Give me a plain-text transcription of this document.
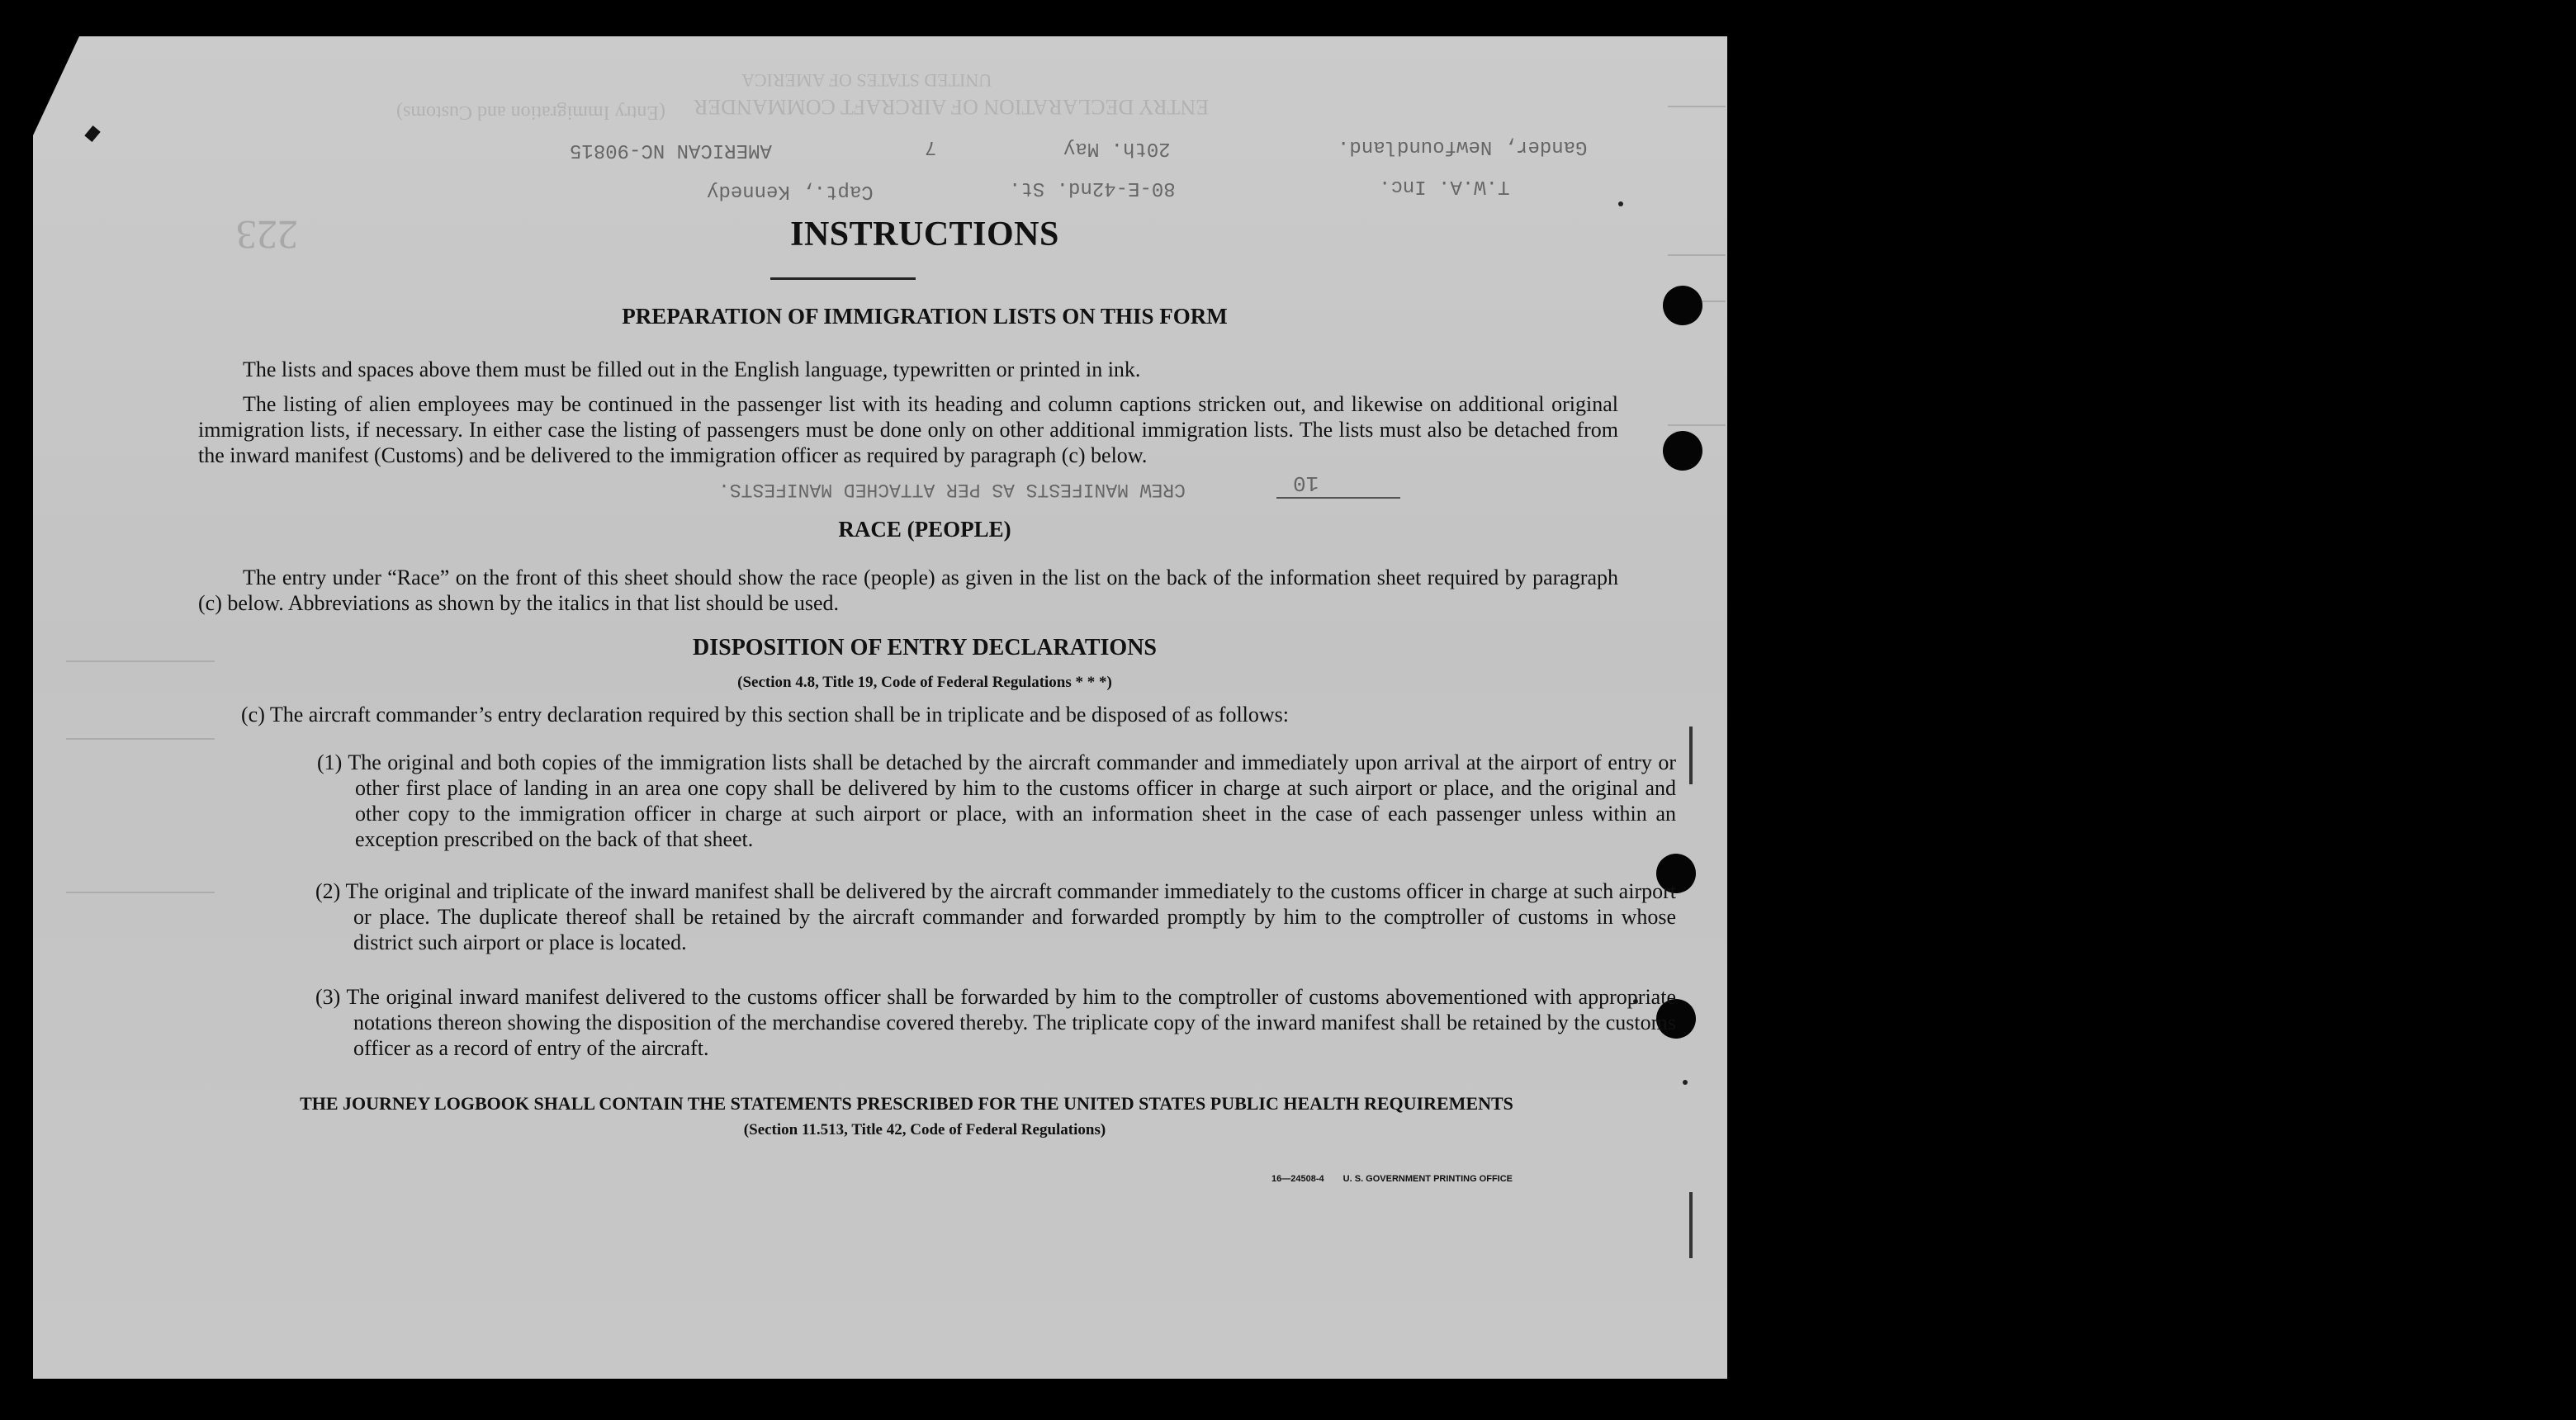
UNITED STATES OF AMERICA
ENTRY DECLARATION OF AIRCRAFT COMMANDER
(Entry Immigration and Customs)
Gander, Newfoundland.
20th. May
7
AMERICAN NC-90815
T.W.A. Inc.
80-E-42nd. St.
Capt., Kennedy
223
CREW MANIFESTS AS PER ATTACHED MANIFESTS.	10
INSTRUCTIONS
PREPARATION OF IMMIGRATION LISTS ON THIS FORM
The lists and spaces above them must be filled out in the English language, typewritten or printed in ink.
The listing of alien employees may be continued in the passenger list with its heading and column captions stricken out, and likewise on additional original immigration lists, if necessary. In either case the listing of passengers must be done only on other additional immigration lists. The lists must also be detached from the inward manifest (Customs) and be delivered to the immigration officer as required by paragraph (c) below.
RACE (PEOPLE)
The entry under “Race” on the front of this sheet should show the race (people) as given in the list on the back of the information sheet required by paragraph (c) below. Abbreviations as shown by the italics in that list should be used.
DISPOSITION OF ENTRY DECLARATIONS
(Section 4.8, Title 19, Code of Federal Regulations * * *)
(c) The aircraft commander’s entry declaration required by this section shall be in triplicate and be disposed of as follows:
(1) The original and both copies of the immigration lists shall be detached by the aircraft commander and immediately upon arrival at the airport of entry or other first place of landing in an area one copy shall be delivered by him to the customs officer in charge at such airport or place, and the original and other copy to the immigration officer in charge at such airport or place, with an information sheet in the case of each passenger unless within an exception prescribed on the back of that sheet.
(2) The original and triplicate of the inward manifest shall be delivered by the aircraft commander immediately to the customs officer in charge at such airport or place. The duplicate thereof shall be retained by the aircraft commander and forwarded promptly by him to the comptroller of customs in whose district such airport or place is located.
(3) The original inward manifest delivered to the customs officer shall be forwarded by him to the comptroller of customs abovementioned with appropriate notations thereon showing the disposition of the merchandise covered thereby. The triplicate copy of the inward manifest shall be retained by the customs officer as a record of entry of the aircraft.
THE JOURNEY LOGBOOK SHALL CONTAIN THE STATEMENTS PRESCRIBED FOR THE UNITED STATES PUBLIC HEALTH REQUIREMENTS
(Section 11.513, Title 42, Code of Federal Regulations)
16—24508-4 U. S. GOVERNMENT PRINTING OFFICE
